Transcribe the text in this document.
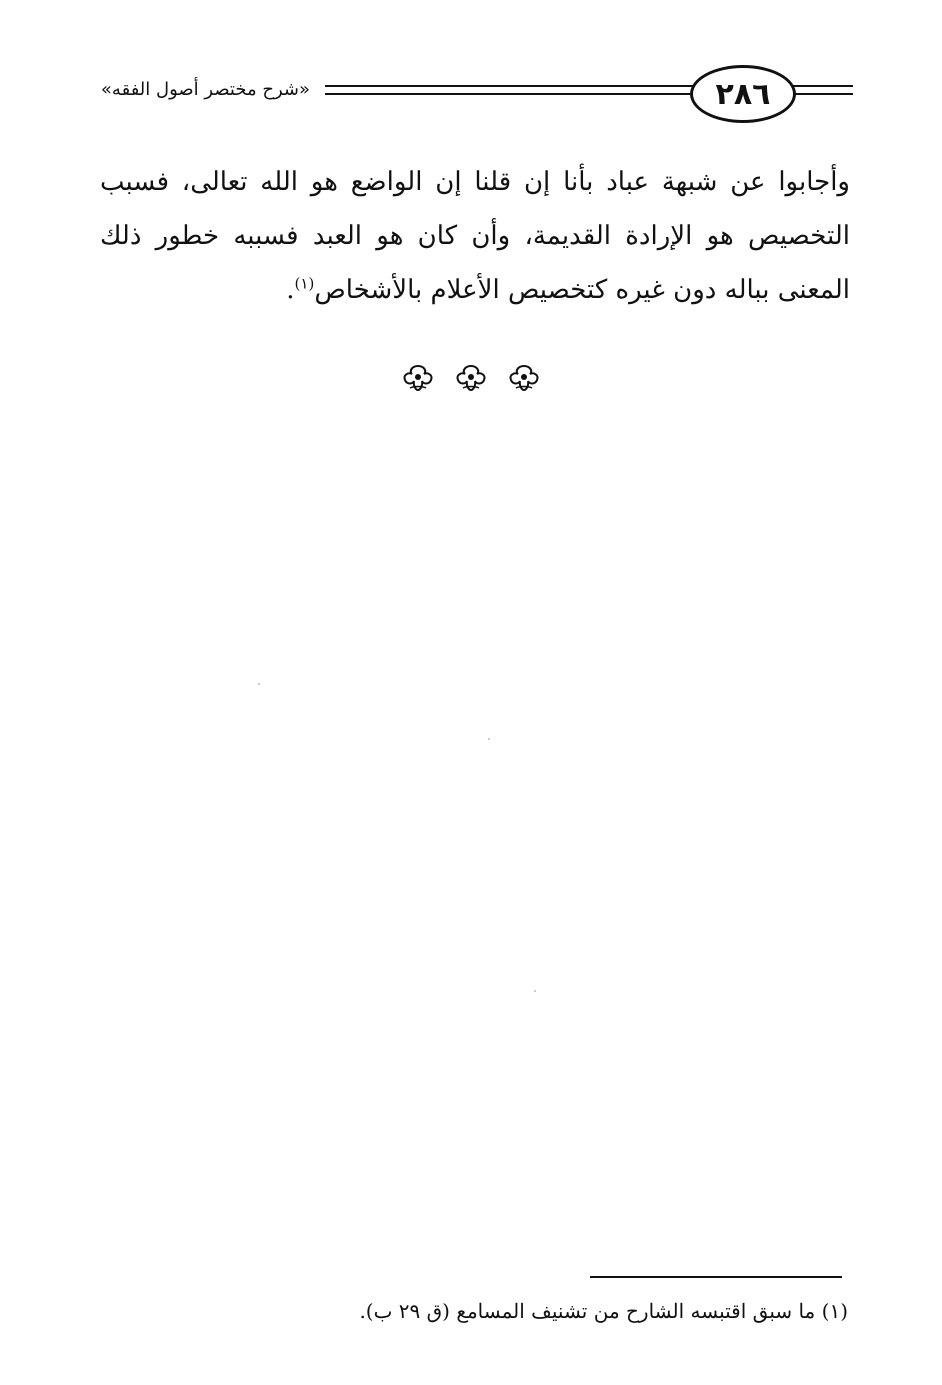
٢٨٦
«شرح مختصر أصول الفقه»
وأجابوا عن شبهة عباد بأنا إن قلنا إن الواضع هو الله تعالى، فسبب التخصيص هو الإرادة القديمة، وأن كان هو العبد فسببه خطور ذلك المعنى بباله دون غيره كتخصيص الأعلام بالأشخاص$^{(١)}$.
(١) ما سبق اقتبسه الشارح من تشنيف المسامع (ق ٢٩ ب).
